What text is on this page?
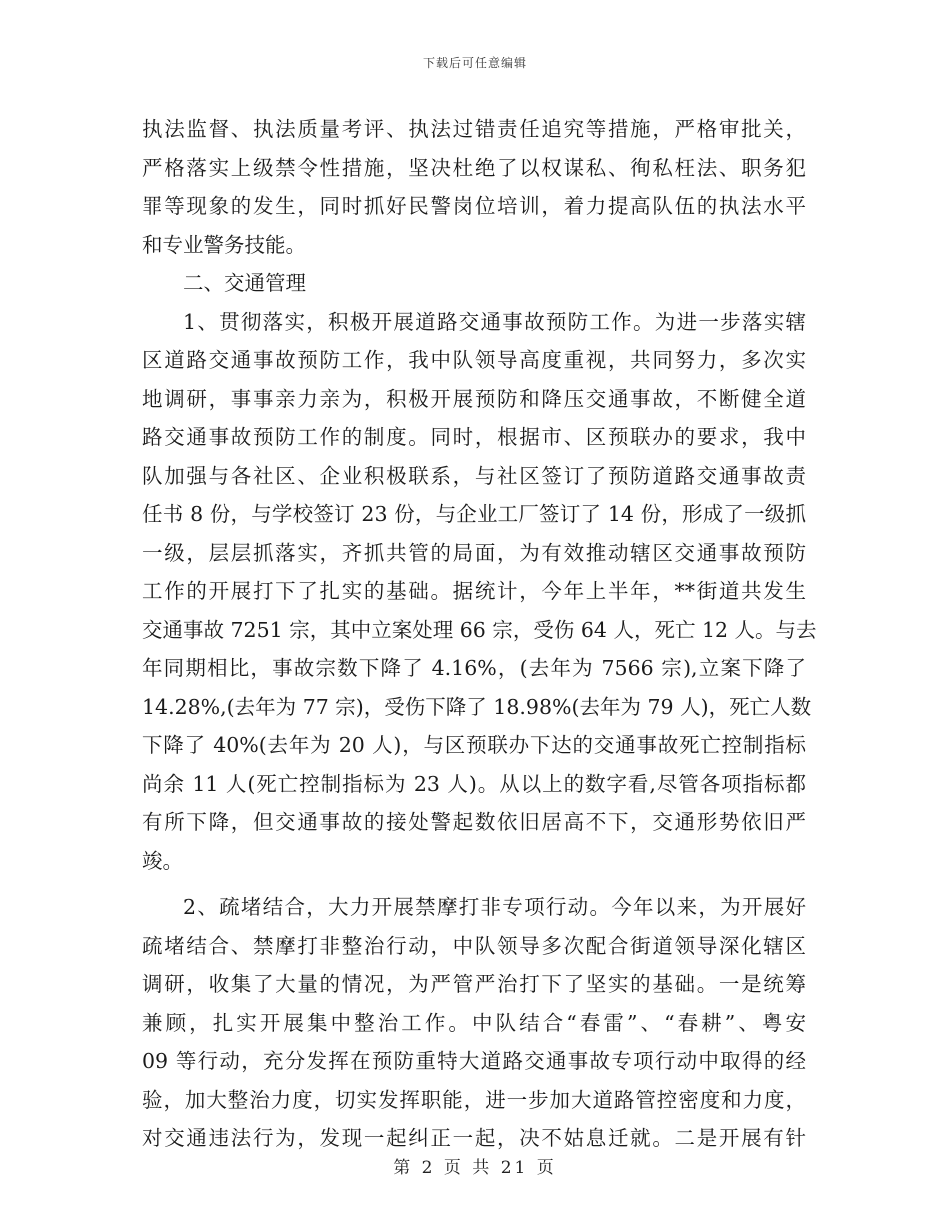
下载后可任意编辑
执法监督、执法质量考评、执法过错责任追究等措施，严格审批关，
严格落实上级禁令性措施，坚决杜绝了以权谋私、徇私枉法、职务犯
罪等现象的发生，同时抓好民警岗位培训，着力提高队伍的执法水平
和专业警务技能。
二、交通管理
1、贯彻落实，积极开展道路交通事故预防工作。为进一步落实辖
区道路交通事故预防工作，我中队领导高度重视，共同努力，多次实
地调研，事事亲力亲为，积极开展预防和降压交通事故，不断健全道
路交通事故预防工作的制度。同时，根据市、区预联办的要求，我中
队加强与各社区、企业积极联系，与社区签订了预防道路交通事故责
任书 8 份，与学校签订 23 份，与企业工厂签订了 14 份，形成了一级抓
一级，层层抓落实，齐抓共管的局面，为有效推动辖区交通事故预防
工作的开展打下了扎实的基础。据统计，今年上半年，**街道共发生
交通事故 7251 宗，其中立案处理 66 宗，受伤 64 人，死亡 12 人。与去
年同期相比，事故宗数下降了 4.16%，(去年为 7566 宗),立案下降了
14.28%,(去年为 77 宗)，受伤下降了 18.98%(去年为 79 人)，死亡人数
下降了 40%(去年为 20 人)，与区预联办下达的交通事故死亡控制指标
尚余 11 人(死亡控制指标为 23 人)。从以上的数字看,尽管各项指标都
有所下降，但交通事故的接处警起数依旧居高不下，交通形势依旧严
竣。
2、疏堵结合，大力开展禁摩打非专项行动。今年以来，为开展好
疏堵结合、禁摩打非整治行动，中队领导多次配合街道领导深化辖区
调研，收集了大量的情况，为严管严治打下了坚实的基础。一是统筹
兼顾，扎实开展集中整治工作。中队结合“春雷”、“春耕”、粤安
09 等行动，充分发挥在预防重特大道路交通事故专项行动中取得的经
验，加大整治力度，切实发挥职能，进一步加大道路管控密度和力度，
对交通违法行为，发现一起纠正一起，决不姑息迁就。二是开展有针
第 2 页 共 21 页
